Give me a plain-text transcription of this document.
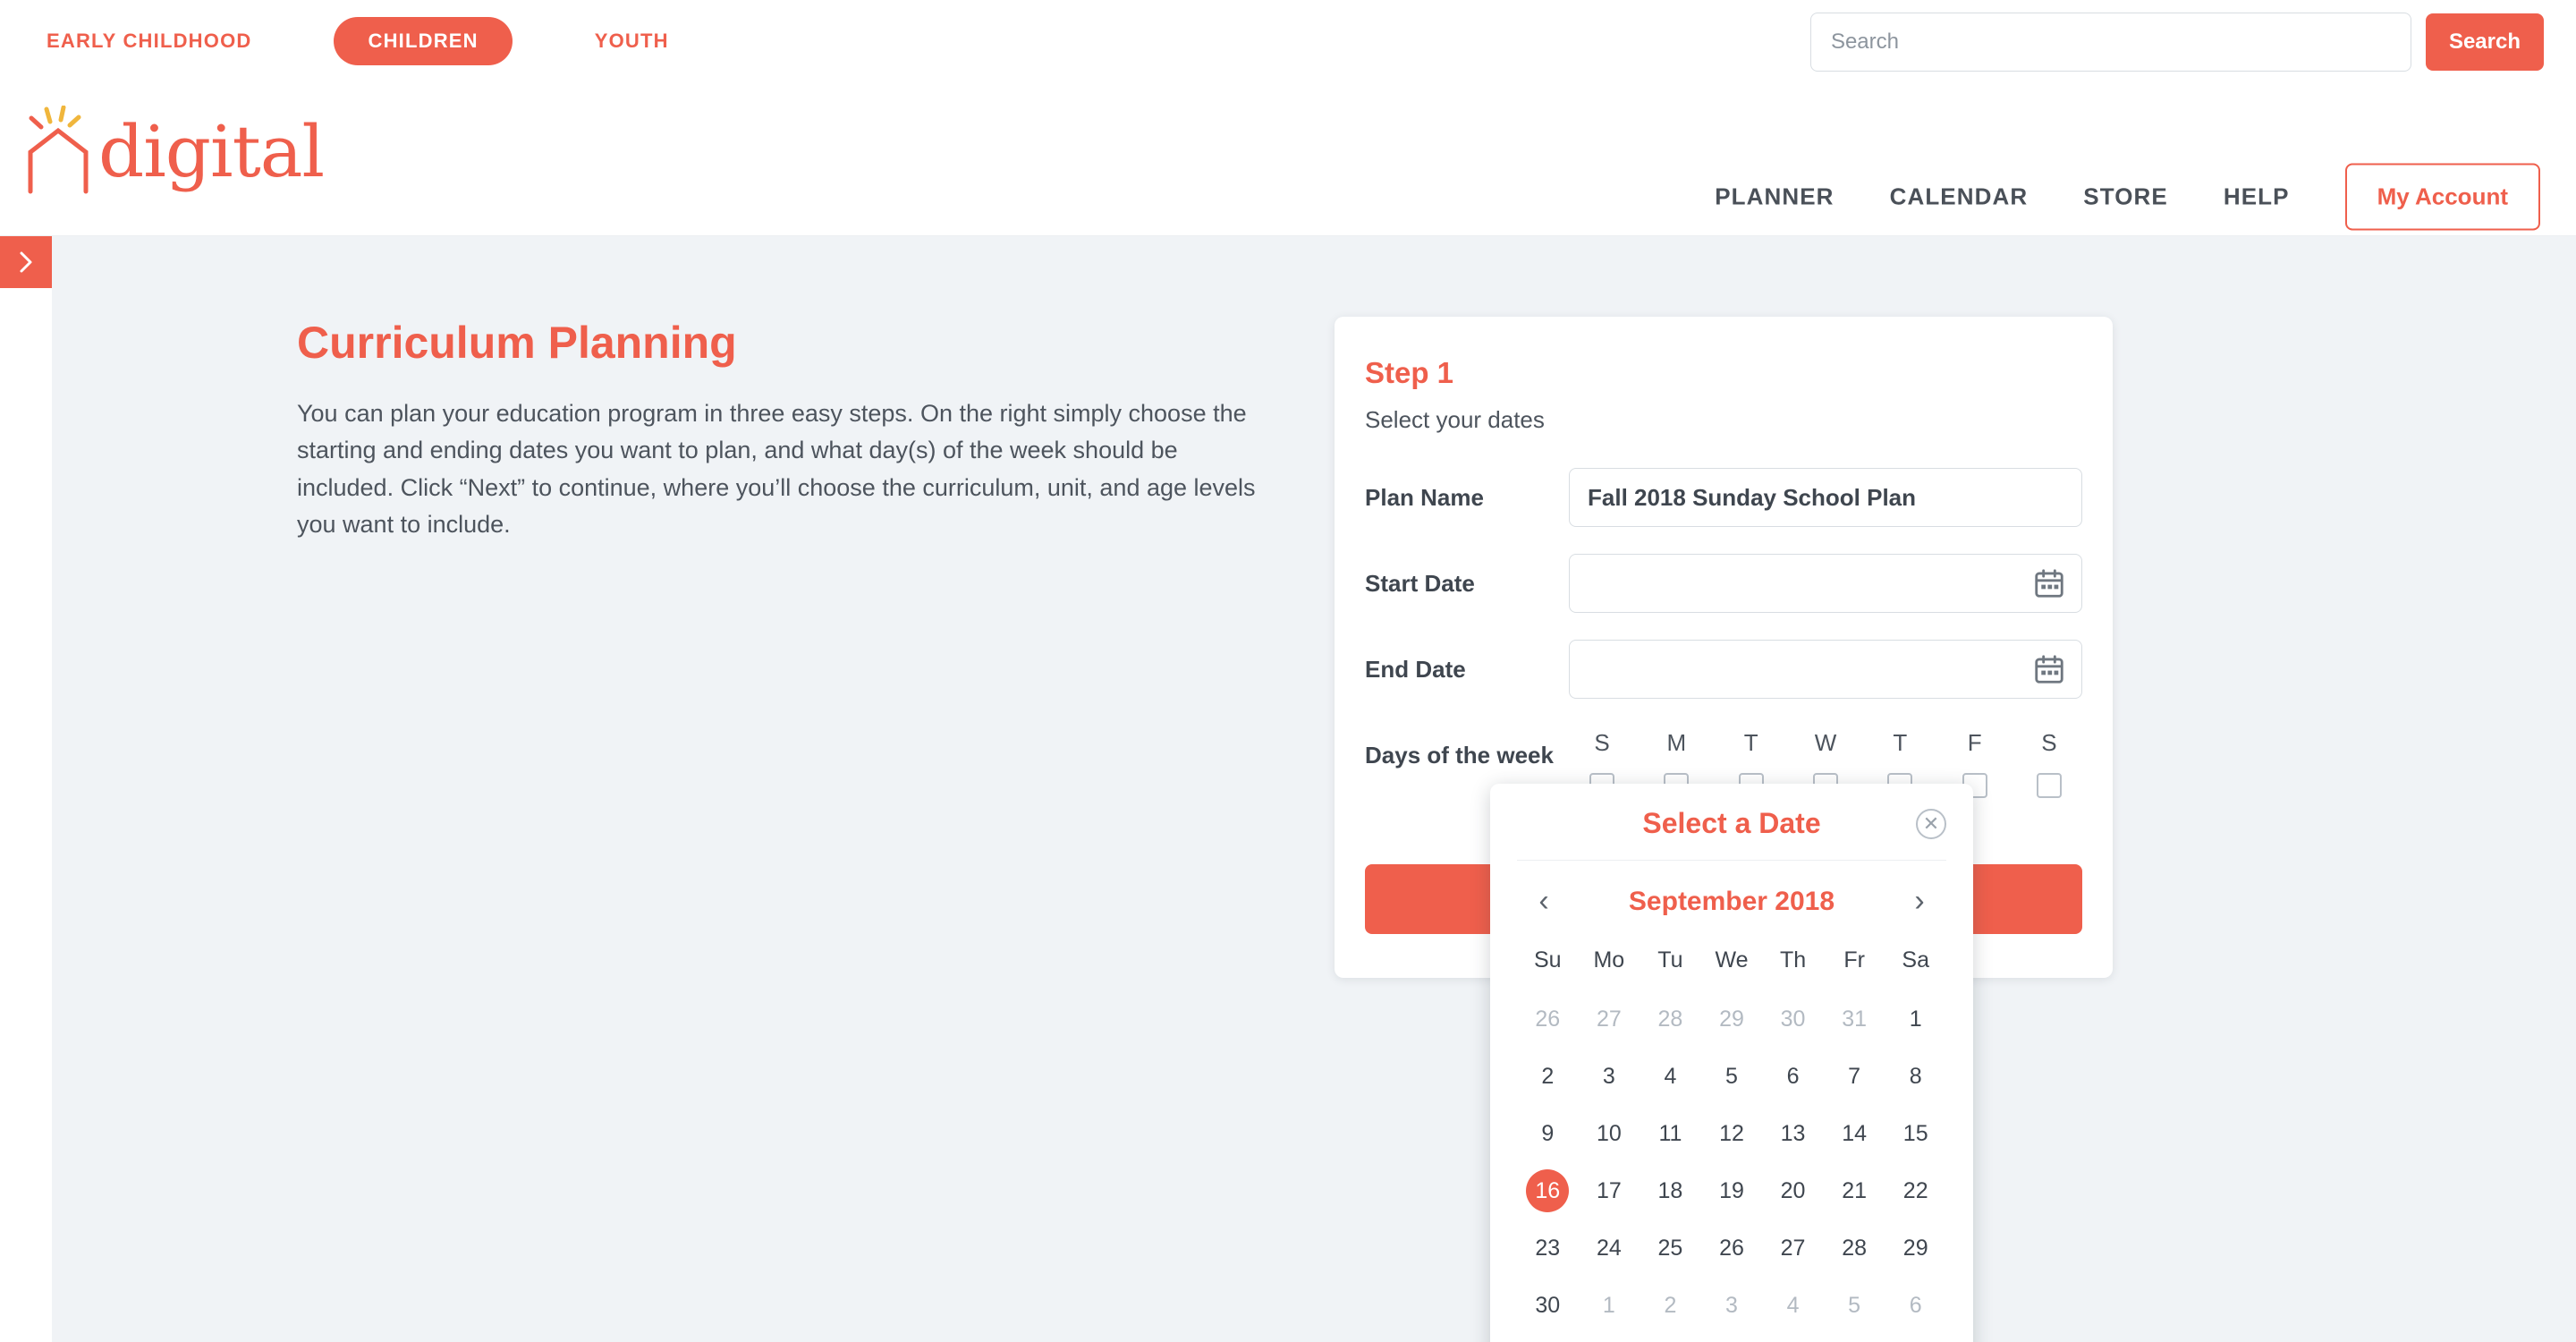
EARLY CHILDHOOD	CHILDREN	YOUTH
Search	Search
digital
PLANNER CALENDAR STORE HELP	My Account
Curriculum Planning
You can plan your education program in three easy steps. On the right simply choose the starting and ending dates you want to plan, and what day(s) of the week should be included. Click “Next” to continue, where you’ll choose the curriculum, unit, and age levels you want to include.
Step 1
Select your dates
Plan Name
Fall 2018 Sunday School Plan
Start Date
End Date
Days of the week	S M T W T	F	S
Select a Date	✕
‹	September 2018	›
Su	Mo	Tu	We	Th	Fr	Sa
26	27	28	29	30	31	1
2	3	4	5	6	7	8
9	10	11	12	13	14	15
16	17	18	19	20	21	22
23	24	25	26	27	28	29
30	1	2	3	4	5	6
